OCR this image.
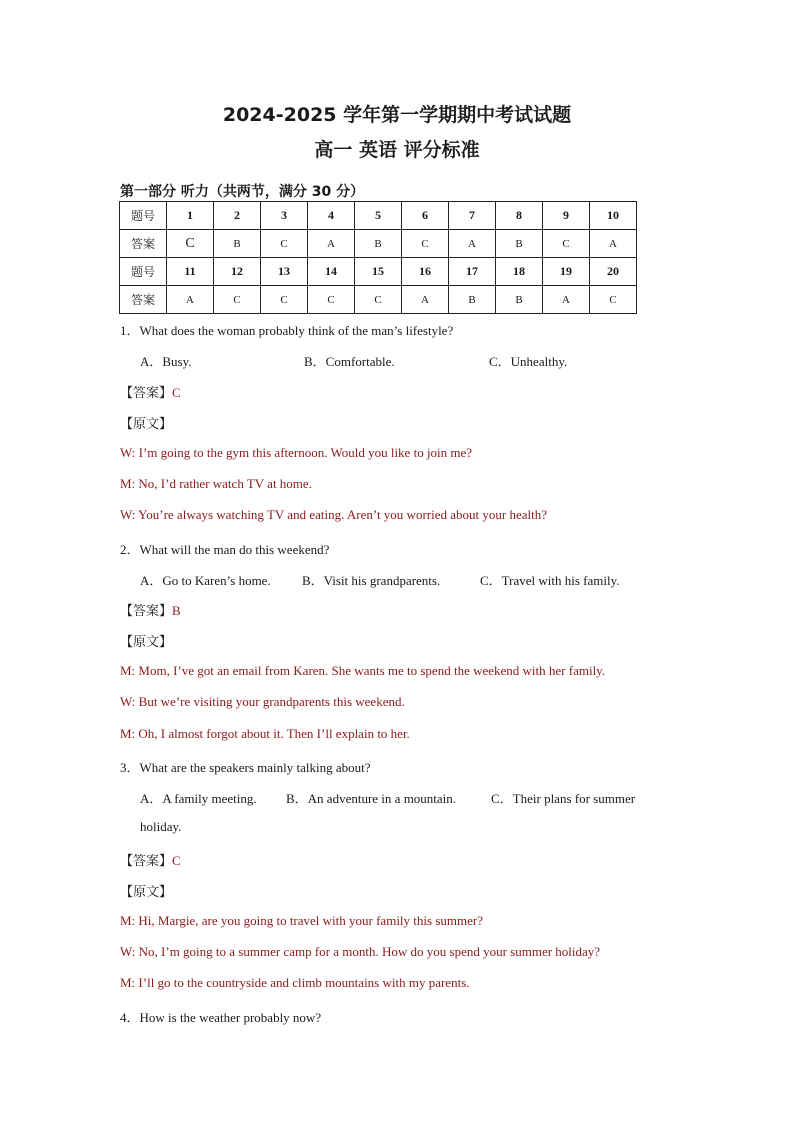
2024-2025 学年第一学期期中考试试题
高一 英语 评分标准
第一部分 听力（共两节，满分 30 分）
题号	1	2	3	4	5	6	7	8	9	10
答案	C	B	C	A	B	C	A	B	C	A
题号	11	12	13	14	15	16	17	18	19	20
答案	A	C	C	C	C	A	B	B	A	C
1．What does the woman probably think of the man’s lifestyle?
A．Busy.	B．Comfortable.	C．Unhealthy.
【答案】C
【原文】
W: I’m going to the gym this afternoon. Would you like to join me?
M: No, I’d rather watch TV at home.
W: You’re always watching TV and eating. Aren’t you worried about your health?
2．What will the man do this weekend?
A．Go to Karen’s home. B．Visit his grandparents.	C．Travel with his family.
【答案】B
【原文】
M: Mom, I’ve got an email from Karen. She wants me to spend the weekend with her family.
W: But we’re visiting your grandparents this weekend.
M: Oh, I almost forgot about it. Then I’ll explain to her.
3．What are the speakers mainly talking about?
A．A family meeting. B．An adventure in a mountain.	C．Their plans for summer
holiday.
【答案】C
【原文】
M: Hi, Margie, are you going to travel with your family this summer?
W: No, I’m going to a summer camp for a month. How do you spend your summer holiday?
M: I’ll go to the countryside and climb mountains with my parents.
4．How is the weather probably now?
